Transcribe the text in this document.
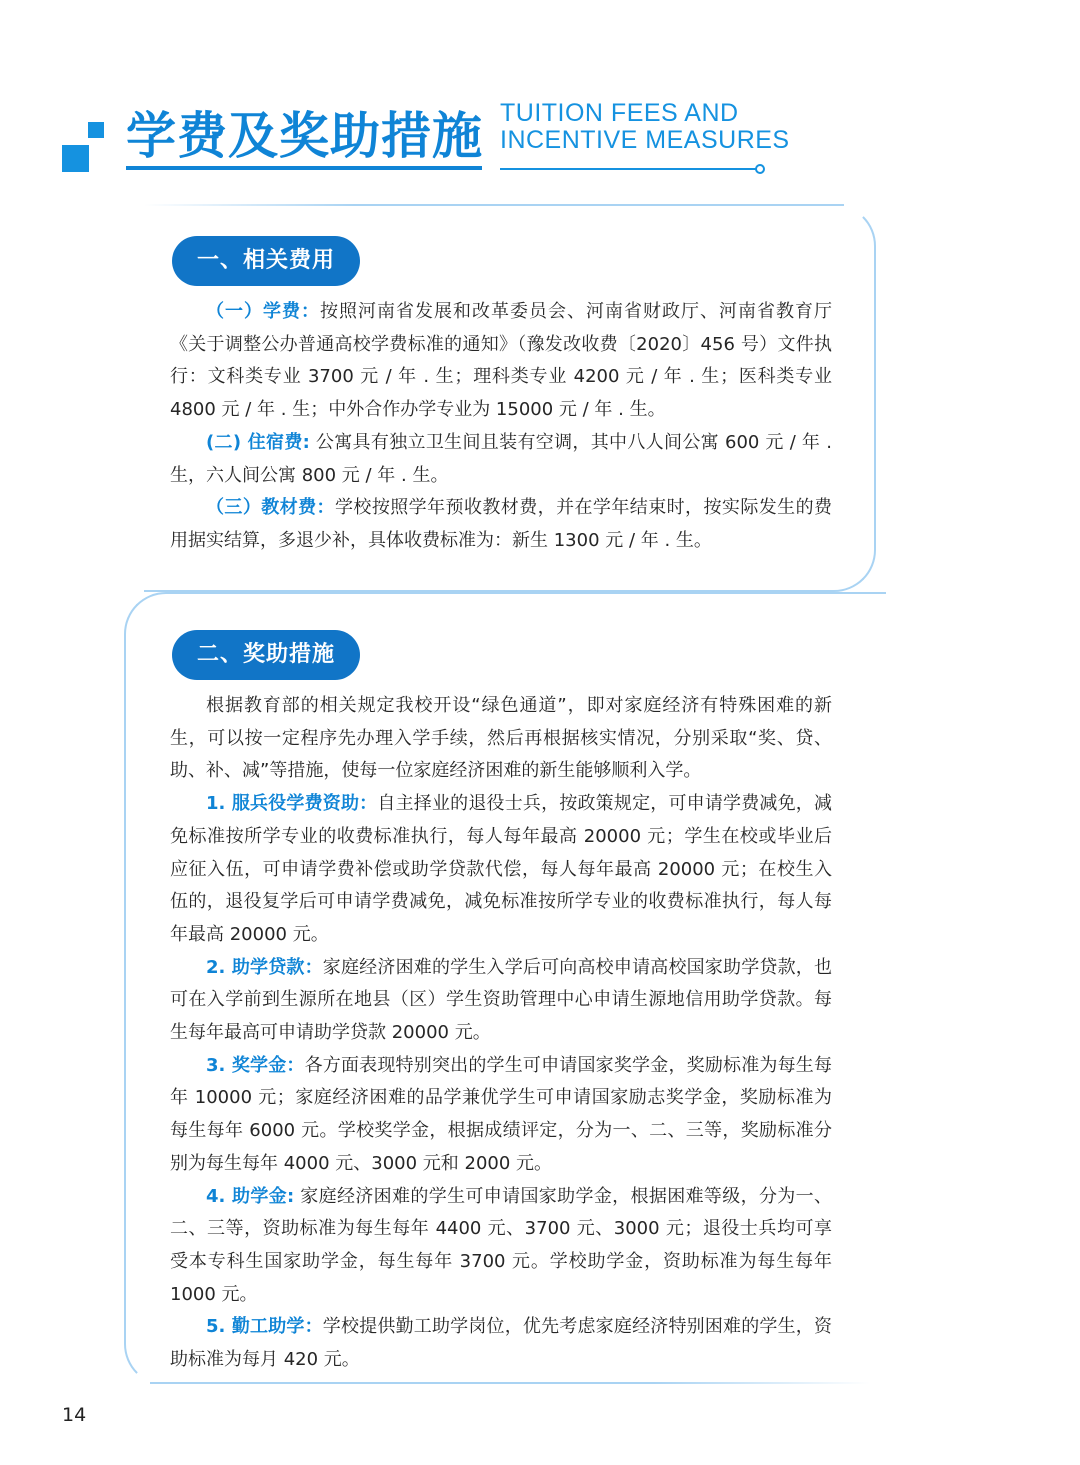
学费及奖助措施 TUITION FEES AND
INCENTIVE MEASURES
一、相关费用

（一）学费：按照河南省发展和改革委员会、河南省财政厅、河南省教育厅《关于调整公办普通高校学费标准的通知》（豫发改收费〔2020〕456 号）文件执行：文科类专业 3700 元 / 年 . 生；理科类专业 4200 元 / 年 . 生；医科类专业 4800 元 / 年 . 生；中外合作办学专业为 15000 元 / 年 . 生。

(二) 住宿费: 公寓具有独立卫生间且装有空调，其中八人间公寓 600 元 / 年 . 生，六人间公寓 800 元 / 年 . 生。

（三）教材费：学校按照学年预收教材费，并在学年结束时，按实际发生的费用据实结算，多退少补，具体收费标准为：新生 1300 元 / 年 . 生。

二、奖助措施

根据教育部的相关规定我校开设“绿色通道”，即对家庭经济有特殊困难的新生，可以按一定程序先办理入学手续，然后再根据核实情况，分别采取“奖、贷、助、补、减”等措施，使每一位家庭经济困难的新生能够顺利入学。

1. 服兵役学费资助：自主择业的退役士兵，按政策规定，可申请学费减免，减免标准按所学专业的收费标准执行，每人每年最高 20000 元；学生在校或毕业后应征入伍，可申请学费补偿或助学贷款代偿，每人每年最高 20000 元；在校生入伍的，退役复学后可申请学费减免，减免标准按所学专业的收费标准执行，每人每年最高 20000 元。

2. 助学贷款：家庭经济困难的学生入学后可向高校申请高校国家助学贷款，也可在入学前到生源所在地县（区）学生资助管理中心申请生源地信用助学贷款。每生每年最高可申请助学贷款 20000 元。

3. 奖学金：各方面表现特别突出的学生可申请国家奖学金，奖励标准为每生每年 10000 元；家庭经济困难的品学兼优学生可申请国家励志奖学金，奖励标准为每生每年 6000 元。学校奖学金，根据成绩评定，分为一、二、三等，奖励标准分别为每生每年 4000 元、3000 元和 2000 元。

4. 助学金: 家庭经济困难的学生可申请国家助学金，根据困难等级，分为一、二、三等，资助标准为每生每年 4400 元、3700 元、3000 元；退役士兵均可享受本专科生国家助学金，每生每年 3700 元。学校助学金，资助标准为每生每年 1000 元。

5. 勤工助学：学校提供勤工助学岗位，优先考虑家庭经济特别困难的学生，资助标准为每月 420 元。

14
